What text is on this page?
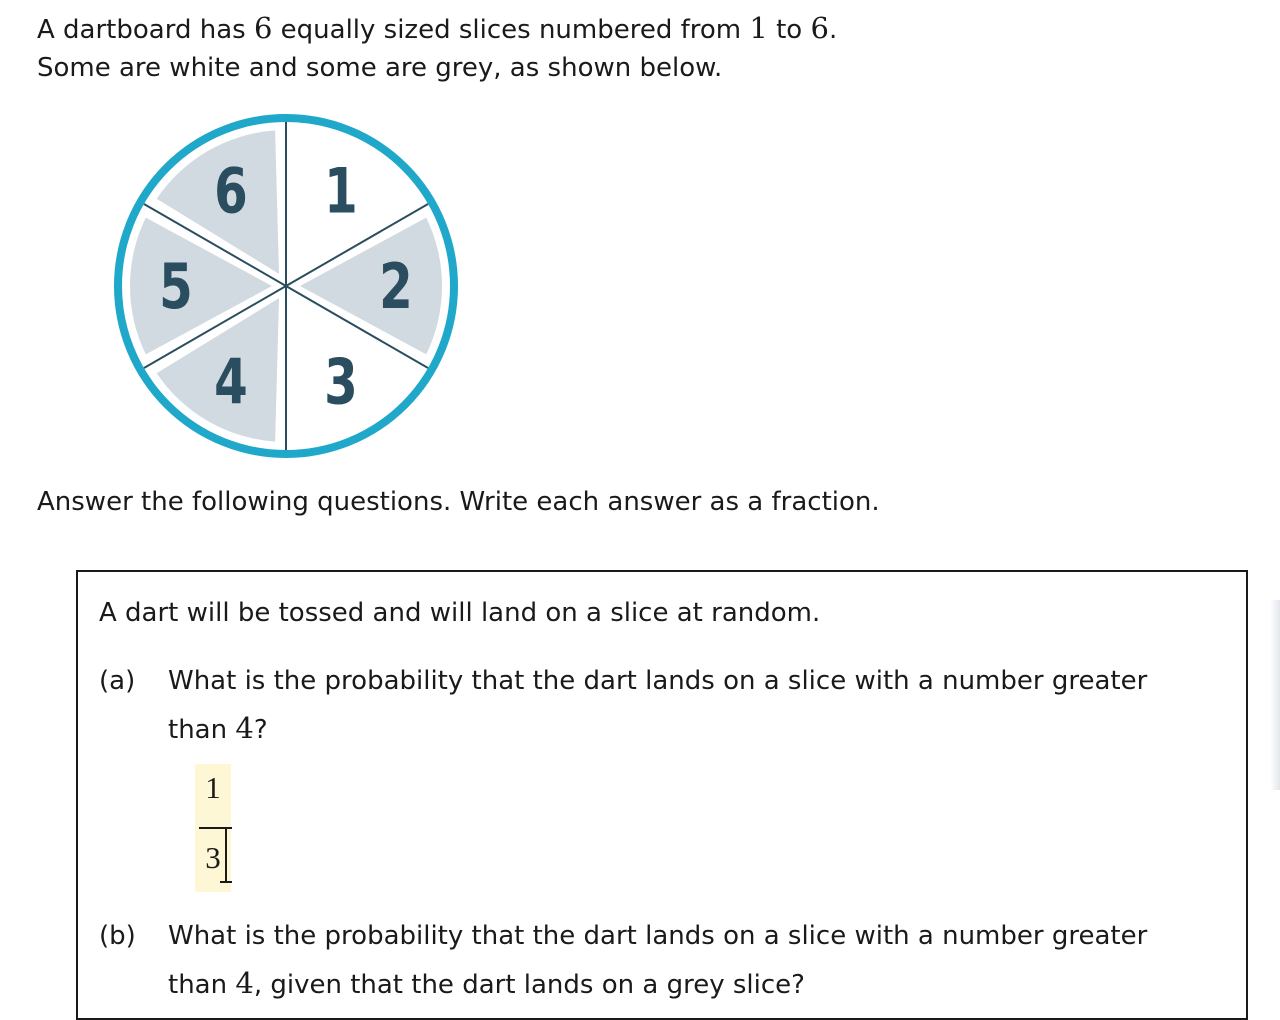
A dartboard has 6 equally sized slices numbered from 1 to 6.
Some are white and some are grey, as shown below.
1
2
3
4
5
6
Answer the following questions. Write each answer as a fraction.
A dart will be tossed and will land on a slice at random.
(a) What is the probability that the dart lands on a slice with a number greater
than 4?
1
3
(b) What is the probability that the dart lands on a slice with a number greater
than 4, given that the dart lands on a grey slice?
